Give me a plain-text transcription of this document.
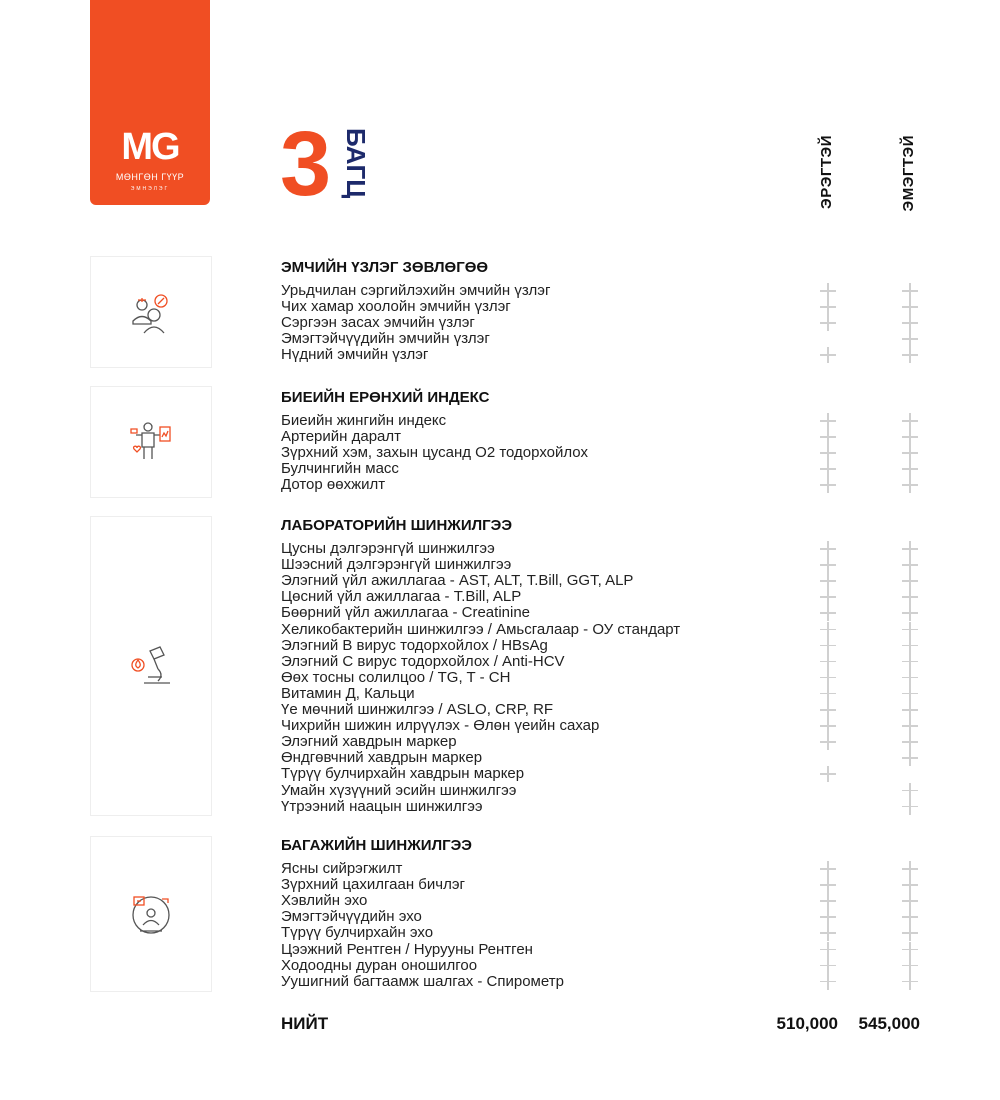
MG
МӨНГӨН ГҮҮР
ЭМНЭЛЭГ	3 БАГЦ	ЭРЭГТЭЙ	ЭМЭГТЭЙ
ЭМЧИЙН ҮЗЛЭГ ЗӨВЛӨГӨӨ
Урьдчилан сэргийлэхийн эмчийн үзлэг
Чих хамар хоолойн эмчийн үзлэг
Сэргээн засах эмчийн үзлэг
Эмэгтэйчүүдийн эмчийн үзлэг
Нүдний эмчийн үзлэг
БИЕИЙН ЕРӨНХИЙ ИНДЕКС
Биеийн жингийн индекс
Артерийн даралт
Зүрхний хэм, захын цусанд O2 тодорхойлох
Булчингийн масс
Дотор өөхжилт
ЛАБОРАТОРИЙН ШИНЖИЛГЭЭ
Цусны дэлгэрэнгүй шинжилгээ
Шээсний дэлгэрэнгүй шинжилгээ
Элэгний үйл ажиллагаа - AST, ALT, T.Bill, GGT, ALP
Цөсний үйл ажиллагаа - T.Bill, ALP
Бөөрний үйл ажиллагаа - Creatinine
Хеликобактерийн шинжилгээ / Амьсгалаар - ОУ стандарт
Элэгний В вирус тодорхойлох / HBsAg
Элэгний С вирус тодорхойлох / Anti-HCV
Өөх тосны солилцоо / TG, T - CH
Витамин Д, Кальци
Үе мөчний шинжилгээ / ASLO, CRP, RF
Чихрийн шижин илрүүлэх - Өлөн үеийн сахар
Элэгний хавдрын маркер
Өндгөвчний хавдрын маркер
Түрүү булчирхайн хавдрын маркер
Умайн хүзүүний эсийн шинжилгээ
Үтрээний наацын шинжилгээ
БАГАЖИЙН ШИНЖИЛГЭЭ
Ясны сийрэгжилт
Зүрхний цахилгаан бичлэг
Хэвлийн эхо
Эмэгтэйчүүдийн эхо
Түрүү булчирхайн эхо
Цээжний Рентген / Нурууны Рентген
Ходоодны дуран оношилгоо
Уушигний багтаамж шалгах - Спирометр
НИЙТ	510,000	545,000
